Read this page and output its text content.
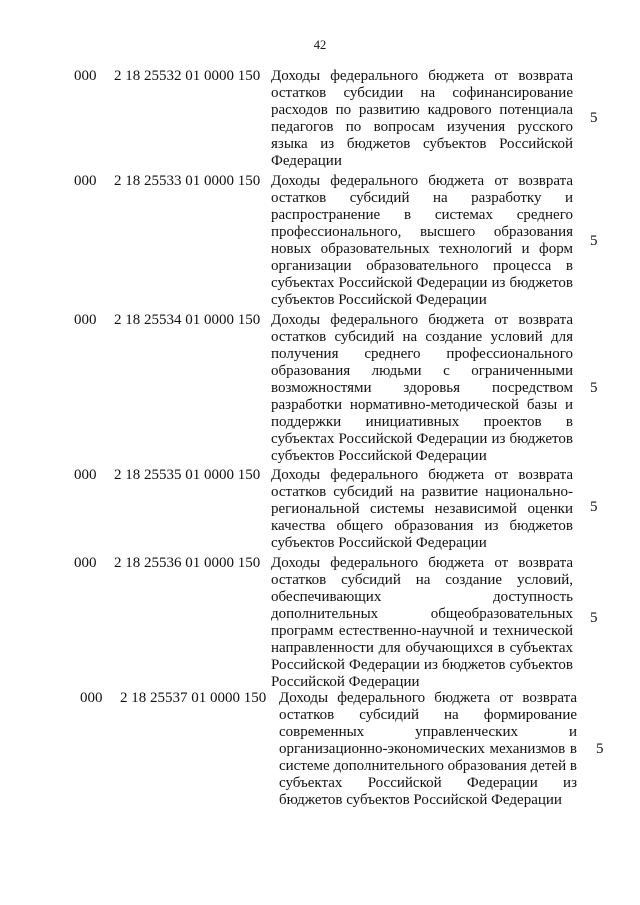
42
000 2 18 25532 01 0000 150 Доходы федерального бюджета от возврата остатков субсидии на софинансирование расходов по развитию кадрового потенциала педагогов по вопросам изучения русского языка из бюджетов субъектов Российской Федерации
5
000 2 18 25533 01 0000 150 Доходы федерального бюджета от возврата остатков субсидий на разработку и распространение в системах среднего профессионального, высшего образования новых образовательных технологий и форм организации образовательного процесса в субъектах Российской Федерации из бюджетов субъектов Российской Федерации
5
000 2 18 25534 01 0000 150 Доходы федерального бюджета от возврата остатков субсидий на создание условий для получения среднего профессионального образования людьми с ограниченными возможностями здоровья посредством разработки нормативно-методической базы и поддержки инициативных проектов в субъектах Российской Федерации из бюджетов субъектов Российской Федерации
5
000 2 18 25535 01 0000 150 Доходы федерального бюджета от возврата остатков субсидий на развитие национально-региональной системы независимой оценки качества общего образования из бюджетов субъектов Российской Федерации
5
000 2 18 25536 01 0000 150 Доходы федерального бюджета от возврата остатков субсидий на создание условий, обеспечивающих доступность дополнительных общеобразовательных программ естественно-научной и технической направленности для обучающихся в субъектах Российской Федерации из бюджетов субъектов Российской Федерации
5
000 2 18 25537 01 0000 150 Доходы федерального бюджета от возврата остатков субсидий на формирование современных управленческих и организационно-экономических механизмов в системе дополнительного образования детей в субъектах Российской Федерации из бюджетов субъектов Российской Федерации
5
